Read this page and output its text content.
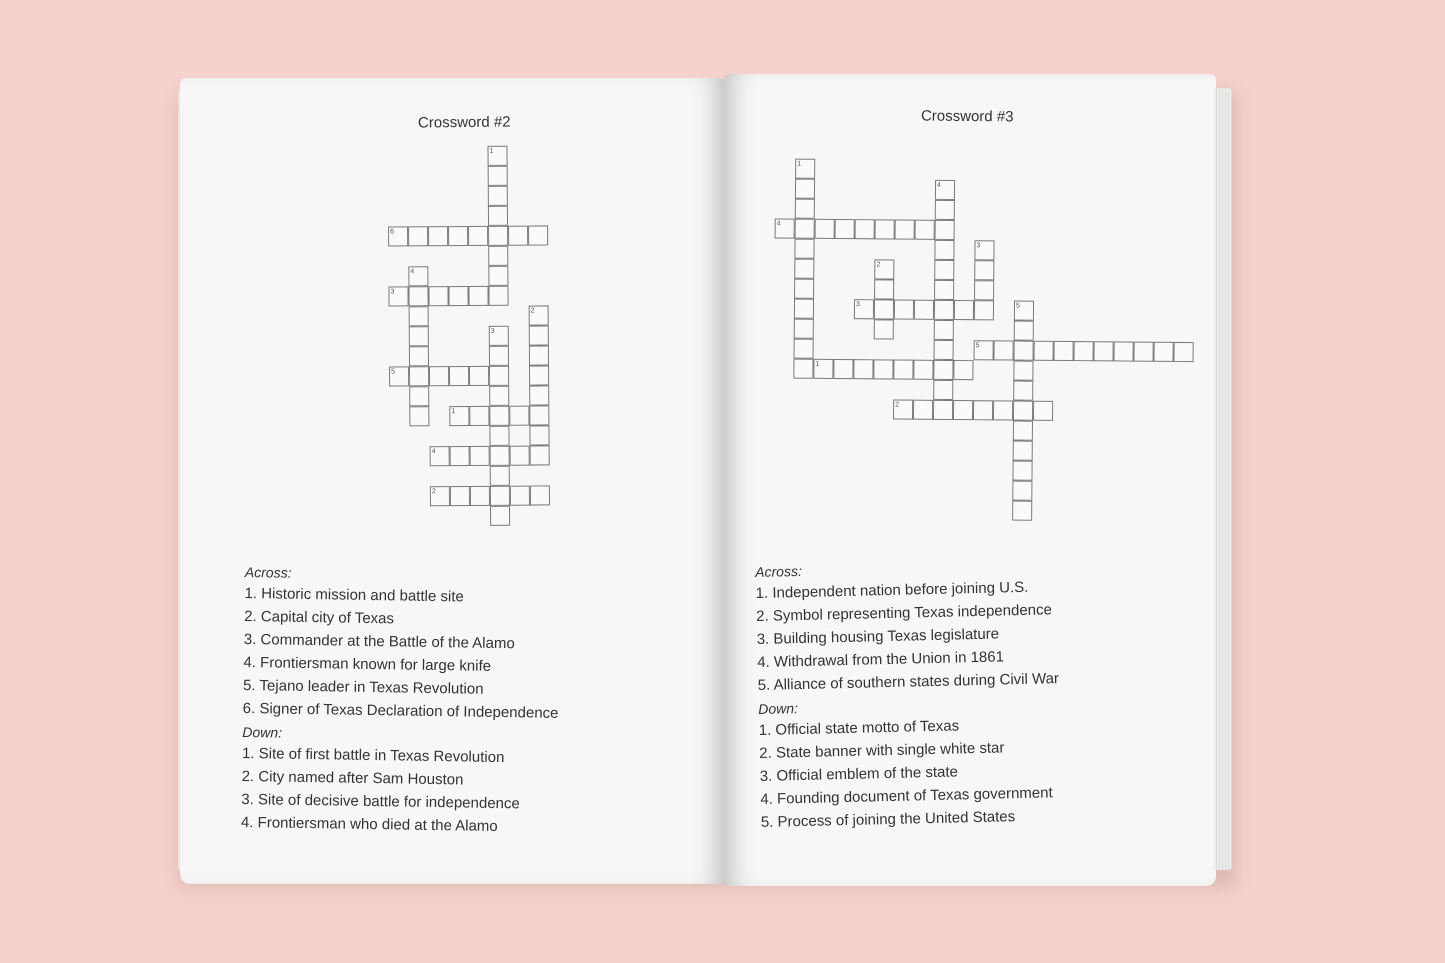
Crossword #2
1
6
4
3
2
3
5
1
4
2
Across:
1. Historic mission and battle site
2. Capital city of Texas
3. Commander at the Battle of the Alamo
4. Frontiersman known for large knife
5. Tejano leader in Texas Revolution
6. Signer of Texas Declaration of Independence
Down:
1. Site of first battle in Texas Revolution
2. City named after Sam Houston
3. Site of decisive battle for independence
4. Frontiersman who died at the Alamo
Crossword #3
1
4
4
3
2
3	5
5
1
2
Across:
1. Independent nation before joining U.S.
2. Symbol representing Texas independence
3. Building housing Texas legislature
4. Withdrawal from the Union in 1861
5. Alliance of southern states during Civil War
Down:
1. Official state motto of Texas
2. State banner with single white star
3. Official emblem of the state
4. Founding document of Texas government
5. Process of joining the United States
